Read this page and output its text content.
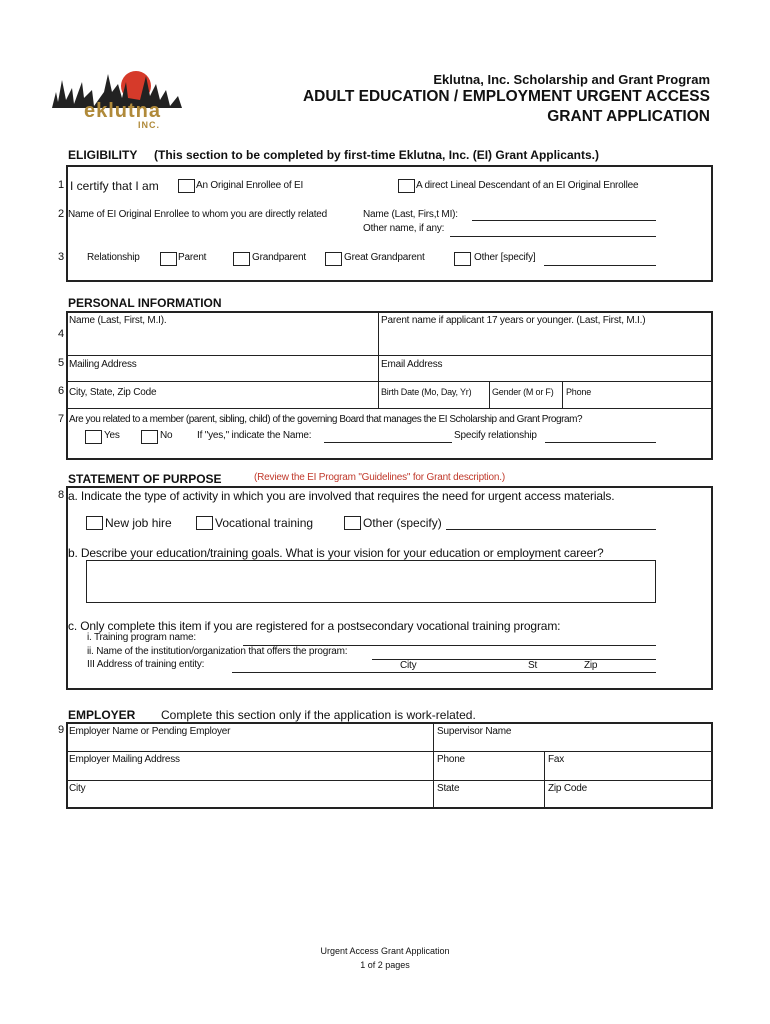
eklutna
INC.
Eklutna, Inc. Scholarship and Grant Program
ADULT EDUCATION / EMPLOYMENT URGENT ACCESS
GRANT APPLICATION
ELIGIBILITY (This section to be completed by first-time Eklutna, Inc. (EI) Grant Applicants.)
1 I certify that I am	An Original Enrollee of EI	A direct Lineal Descendant of an EI Original Enrollee
2 Name of EI Original Enrollee to whom you are directly related	Name (Last, Firs,t MI):
Other name, if any:
3 Relationship	Parent	Grandparent	Great Grandparent	Other [specify]
PERSONAL INFORMATION
4
Name (Last, First, M.I).	Parent name if applicant 17 years or younger. (Last, First, M.I.)
5 Mailing Address	Email Address
6 City, State, Zip Code	Birth Date (Mo, Day, Yr) Gender (M or F) Phone
7 Are you related to a member (parent, sibling, child) of the governing Board that manages the EI Scholarship and Grant Program?
Yes	No If "yes," indicate the Name:	Specify relationship
STATEMENT OF PURPOSE	(Review the EI Program "Guidelines" for Grant description.)
8 a. Indicate the type of activity in which you are involved that requires the need for urgent access materials.
New job hire	Vocational training	Other (specify)
b. Describe your education/training goals. What is your vision for your education or employment career?
c. Only complete this item if you are registered for a postsecondary vocational training program:
i. Training program name:
ii. Name of the institution/organization that offers the program:
III Address of training entity:	City	St	Zip
EMPLOYER Complete this section only if the application is work-related.
9 Employer Name or Pending Employer	Supervisor Name
Employer Mailing Address	Phone	Fax
City	State	Zip Code
Urgent Access Grant Application
1 of 2 pages
